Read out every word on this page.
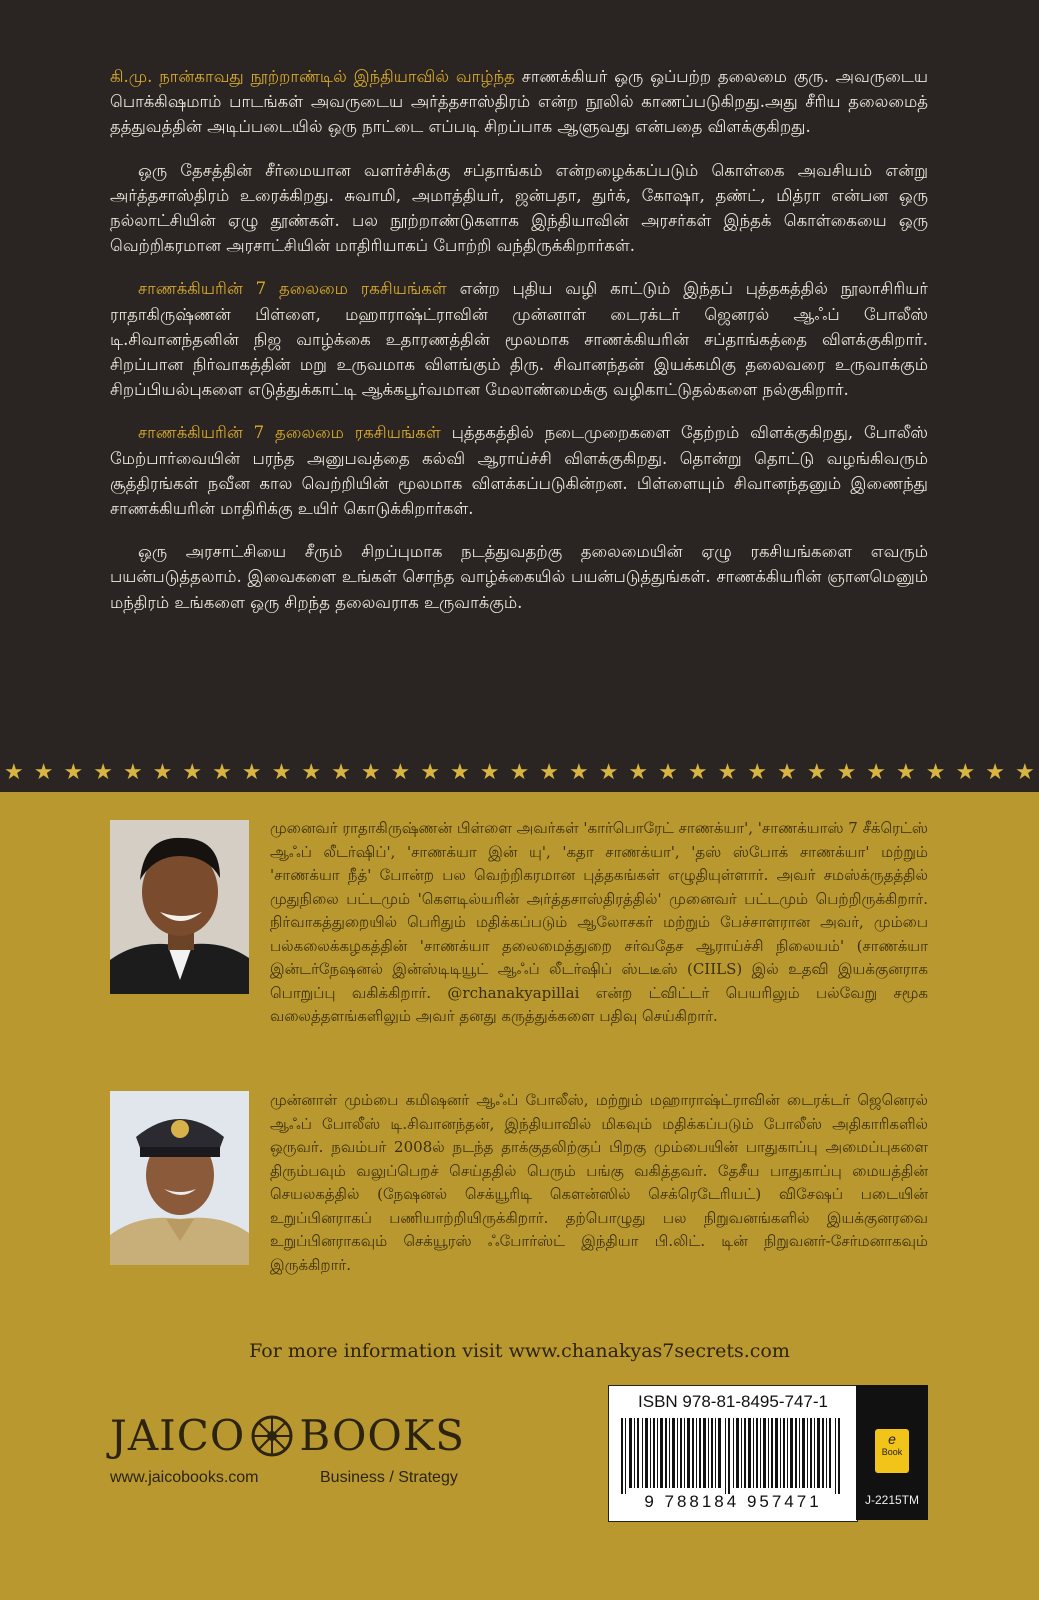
கி.மு. நான்காவது நூற்றாண்டில் இந்தியாவில் வாழ்ந்த சாணக்கியர் ஒரு ஒப்பற்ற தலைமை குரு. அவருடைய பொக்கிஷமாம் பாடங்கள் அவருடைய அர்த்தசாஸ்திரம் என்ற நூலில் காணப்படுகிறது.அது சீரிய தலைமைத் தத்துவத்தின் அடிப்படையில் ஒரு நாட்டை எப்படி சிறப்பாக ஆளுவது என்பதை விளக்குகிறது.

ஒரு தேசத்தின் சீர்மையான வளர்ச்சிக்கு சப்தாங்கம் என்றழைக்கப்படும் கொள்கை அவசியம் என்று அர்த்தசாஸ்திரம் உரைக்கிறது. சுவாமி, அமாத்தியர், ஜன்பதா, துர்க், கோஷா, தண்ட், மித்ரா என்பன ஒரு நல்லாட்சியின் ஏழு தூண்கள். பல நூற்றாண்டுகளாக இந்தியாவின் அரசர்கள் இந்தக் கொள்கையை ஒரு வெற்றிகரமான அரசாட்சியின் மாதிரியாகப் போற்றி வந்திருக்கிறார்கள்.

சாணக்கியரின் 7 தலைமை ரகசியங்கள் என்ற புதிய வழி காட்டும் இந்தப் புத்தகத்தில் நூலாசிரியர் ராதாகிருஷ்ணன் பிள்ளை, மஹாராஷ்ட்ராவின் முன்னாள் டைரக்டர் ஜெனரல் ஆஃப் போலீஸ் டி.சிவானந்தனின் நிஜ வாழ்க்கை உதாரணத்தின் மூலமாக சாணக்கியரின் சப்தாங்கத்தை விளக்குகிறார். சிறப்பான நிர்வாகத்தின் மறு உருவமாக விளங்கும் திரு. சிவானந்தன் இயக்கமிகு தலைவரை உருவாக்கும் சிறப்பியல்புகளை எடுத்துக்காட்டி ஆக்கபூர்வமான மேலாண்மைக்கு வழிகாட்டுதல்களை நல்குகிறார்.

சாணக்கியரின் 7 தலைமை ரகசியங்கள் புத்தகத்தில் நடைமுறைகளை தேற்றம் விளக்குகிறது, போலீஸ் மேற்பார்வையின் பரந்த அனுபவத்தை கல்வி ஆராய்ச்சி விளக்குகிறது. தொன்று தொட்டு வழங்கிவரும் சூத்திரங்கள் நவீன கால வெற்றியின் மூலமாக விளக்கப்படுகின்றன. பிள்ளையும் சிவானந்தனும் இணைந்து சாணக்கியரின் மாதிரிக்கு உயிர் கொடுக்கிறார்கள்.

ஒரு அரசாட்சியை சீரும் சிறப்புமாக நடத்துவதற்கு தலைமையின் ஏழு ரகசியங்களை எவரும் பயன்படுத்தலாம். இவைகளை உங்கள் சொந்த வாழ்க்கையில் பயன்படுத்துங்கள். சாணக்கியரின் ஞானமெனும் மந்திரம் உங்களை ஒரு சிறந்த தலைவராக உருவாக்கும்.

★ ★ ★ ★ ★ ★ ★ ★ ★ ★ ★ ★ ★ ★ ★ ★ ★ ★ ★ ★ ★ ★ ★ ★ ★ ★ ★ ★ ★ ★ ★ ★ ★ ★ ★
முனைவர் ராதாகிருஷ்ணன் பிள்ளை அவர்கள் 'கார்பொரேட் சாணக்யா', 'சாணக்யாஸ் 7 சீக்ரெட்ஸ் ஆஃப் லீடர்ஷிப்', 'சாணக்யா இன் யு', 'கதா சாணக்யா', 'தஸ் ஸ்போக் சாணக்யா' மற்றும் 'சாணக்யா நீத்' போன்ற பல வெற்றிகரமான புத்தகங்கள் எழுதியுள்ளார். அவர் சமஸ்க்ருதத்தில் முதுநிலை பட்டமும் 'கௌடில்யரின் அர்த்தசாஸ்திரத்தில்' முனைவர் பட்டமும் பெற்றிருக்கிறார். நிர்வாகத்துறையில் பெரிதும் மதிக்கப்படும் ஆலோசகர் மற்றும் பேச்சாளரான அவர், மும்பை பல்கலைக்கழகத்தின் 'சாணக்யா தலைமைத்துறை சர்வதேச ஆராய்ச்சி நிலையம்' (சாணக்யா இன்டர்நேஷனல் இன்ஸ்டிடியூட் ஆஃப் லீடர்ஷிப் ஸ்டடீஸ் (CIILS) இல் உதவி இயக்குனராக பொறுப்பு வகிக்கிறார். @rchanakyapillai என்ற ட்விட்டர் பெயரிலும் பல்வேறு சமூக வலைத்தளங்களிலும் அவர் தனது கருத்துக்களை பதிவு செய்கிறார்.
முன்னாள் மும்பை கமிஷனர் ஆஃப் போலீஸ், மற்றும் மஹாராஷ்ட்ராவின் டைரக்டர் ஜெனெரல் ஆஃப் போலீஸ் டி.சிவானந்தன், இந்தியாவில் மிகவும் மதிக்கப்படும் போலீஸ் அதிகாரிகளில் ஒருவர். நவம்பர் 2008ல் நடந்த தாக்குதலிற்குப் பிறகு மும்பையின் பாதுகாப்பு அமைப்புகளை திரும்பவும் வலுப்பெறச் செய்ததில் பெரும் பங்கு வகித்தவர். தேசீய பாதுகாப்பு மையத்தின் செயலகத்தில் (நேஷனல் செக்யூரிடி கௌன்ஸில் செக்ரெடேரியட்) விசேஷப் படையின் உறுப்பினராகப் பணியாற்றியிருக்கிறார். தற்பொழுது பல நிறுவனங்களில் இயக்குனரவை உறுப்பினராகவும் செக்யூரஸ் ஃபோர்ஸ்ட் இந்தியா பி.லிட். டின் நிறுவனர்-சேர்மனாகவும் இருக்கிறார்.
For more information visit www.chanakyas7secrets.com
JAICO BOOKS
www.jaicobooks.com	Business / Strategy
ISBN 978-81-8495-747-1
9 788184 957471
e
Book
J-2215TM
